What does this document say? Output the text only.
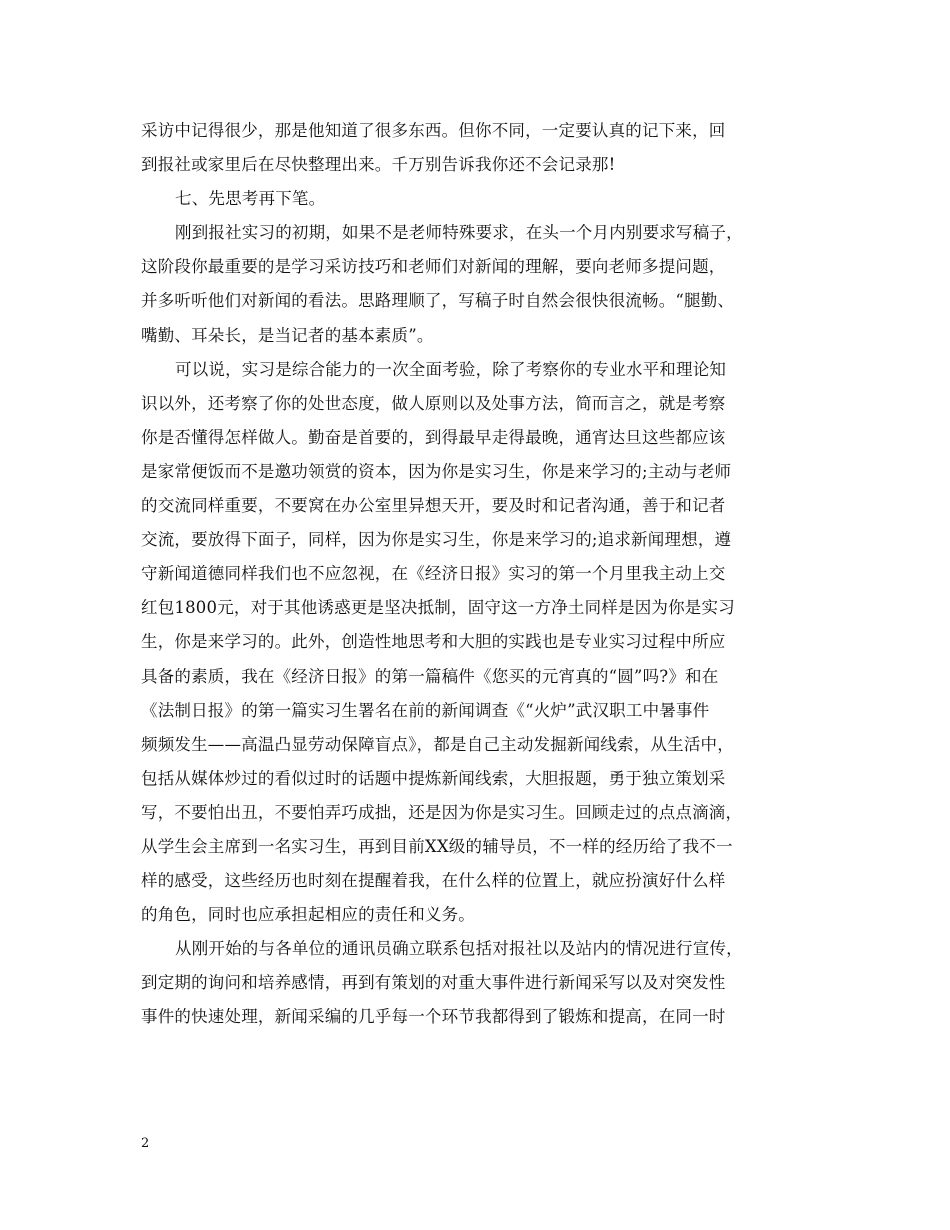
采访中记得很少，那是他知道了很多东西。但你不同，一定要认真的记下来，回
到报社或家里后在尽快整理出来。千万别告诉我你还不会记录那!
七、先思考再下笔。
刚到报社实习的初期，如果不是老师特殊要求，在头一个月内别要求写稿子，
这阶段你最重要的是学习采访技巧和老师们对新闻的理解，要向老师多提问题，
并多听听他们对新闻的看法。思路理顺了，写稿子时自然会很快很流畅。“腿勤、
嘴勤、耳朵长，是当记者的基本素质”。
可以说，实习是综合能力的一次全面考验，除了考察你的专业水平和理论知
识以外，还考察了你的处世态度，做人原则以及处事方法，简而言之，就是考察
你是否懂得怎样做人。勤奋是首要的，到得最早走得最晚，通宵达旦这些都应该
是家常便饭而不是邀功领赏的资本，因为你是实习生，你是来学习的;主动与老师
的交流同样重要，不要窝在办公室里异想天开，要及时和记者沟通，善于和记者
交流，要放得下面子，同样，因为你是实习生，你是来学习的;追求新闻理想，遵
守新闻道德同样我们也不应忽视，在《经济日报》实习的第一个月里我主动上交
红包1800元，对于其他诱惑更是坚决抵制，固守这一方净土同样是因为你是实习
生，你是来学习的。此外，创造性地思考和大胆的实践也是专业实习过程中所应
具备的素质，我在《经济日报》的第一篇稿件《您买的元宵真的“圆”吗?》和在
《法制日报》的第一篇实习生署名在前的新闻调查《“火炉”武汉职工中暑事件
频频发生——高温凸显劳动保障盲点》，都是自己主动发掘新闻线索，从生活中，
包括从媒体炒过的看似过时的话题中提炼新闻线索，大胆报题，勇于独立策划采
写，不要怕出丑，不要怕弄巧成拙，还是因为你是实习生。回顾走过的点点滴滴，
从学生会主席到一名实习生，再到目前XX级的辅导员，不一样的经历给了我不一
样的感受，这些经历也时刻在提醒着我，在什么样的位置上，就应扮演好什么样
的角色，同时也应承担起相应的责任和义务。
从刚开始的与各单位的通讯员确立联系包括对报社以及站内的情况进行宣传，
到定期的询问和培养感情，再到有策划的对重大事件进行新闻采写以及对突发性
事件的快速处理，新闻采编的几乎每一个环节我都得到了锻炼和提高，在同一时
2
